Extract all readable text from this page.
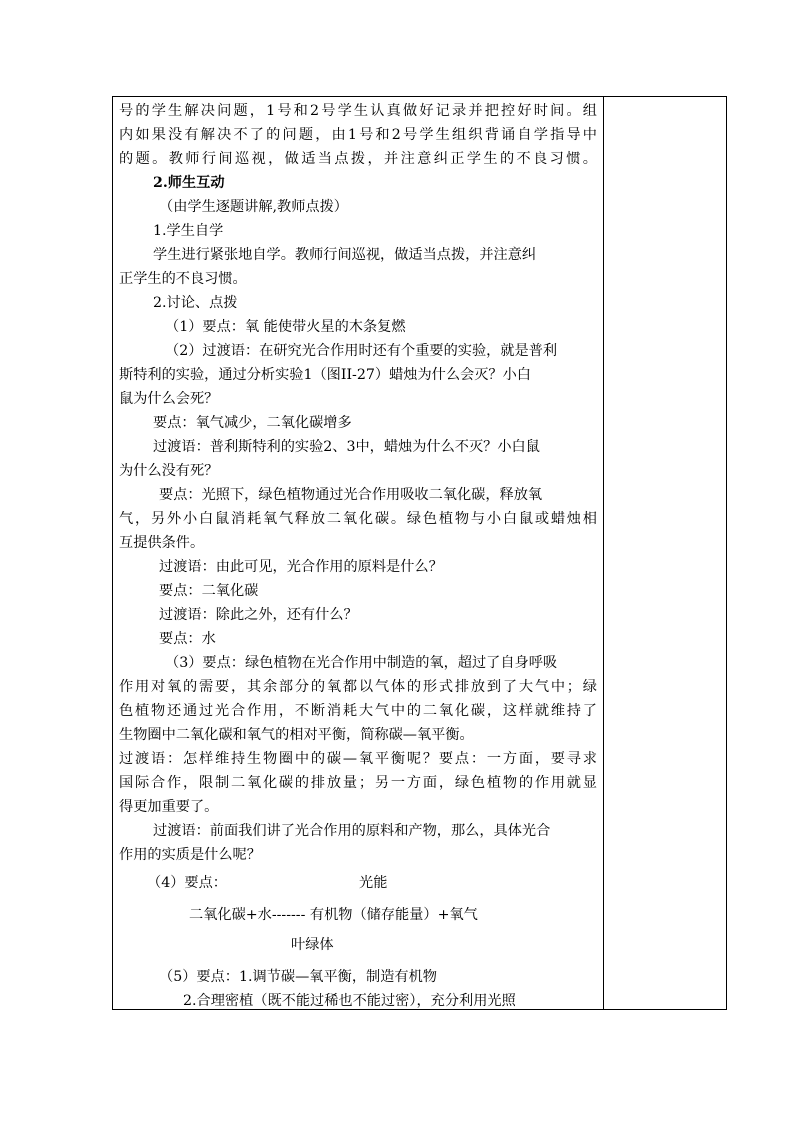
号的学生解决问题，1号和2号学生认真做好记录并把控好时间。组
内如果没有解决不了的问题，由1号和2号学生组织背诵自学指导中
的题。教师行间巡视，做适当点拨，并注意纠正学生的不良习惯。
2.师生互动
（由学生逐题讲解,教师点拨）
1.学生自学
学生进行紧张地自学。教师行间巡视，做适当点拨，并注意纠
正学生的不良习惯。
2.讨论、点拨
（1）要点：氧 能使带火星的木条复燃
（2）过渡语：在研究光合作用时还有个重要的实验，就是普利
斯特利的实验，通过分析实验1（图II-27）蜡烛为什么会灭？小白
鼠为什么会死？
要点：氧气减少，二氧化碳增多
过渡语：普利斯特利的实验2、3中，蜡烛为什么不灭？小白鼠
为什么没有死？
要点：光照下，绿色植物通过光合作用吸收二氧化碳，释放氧
气，另外小白鼠消耗氧气释放二氧化碳。绿色植物与小白鼠或蜡烛相
互提供条件。
过渡语：由此可见，光合作用的原料是什么？
要点：二氧化碳
过渡语：除此之外，还有什么？
要点：水
（3）要点：绿色植物在光合作用中制造的氧，超过了自身呼吸
作用对氧的需要，其余部分的氧都以气体的形式排放到了大气中；绿
色植物还通过光合作用，不断消耗大气中的二氧化碳，这样就维持了
生物圈中二氧化碳和氧气的相对平衡，简称碳—氧平衡。
过渡语：怎样维持生物圈中的碳—氧平衡呢？要点：一方面，要寻求
国际合作，限制二氧化碳的排放量；另一方面，绿色植物的作用就显
得更加重要了。
过渡语：前面我们讲了光合作用的原料和产物，那么，具体光合
作用的实质是什么呢？
（4）要点：	光能
二氧化碳+水------- 有机物（储存能量）+氧气
叶绿体
（5）要点：1.调节碳—氧平衡，制造有机物
2.合理密植（既不能过稀也不能过密），充分利用光照
